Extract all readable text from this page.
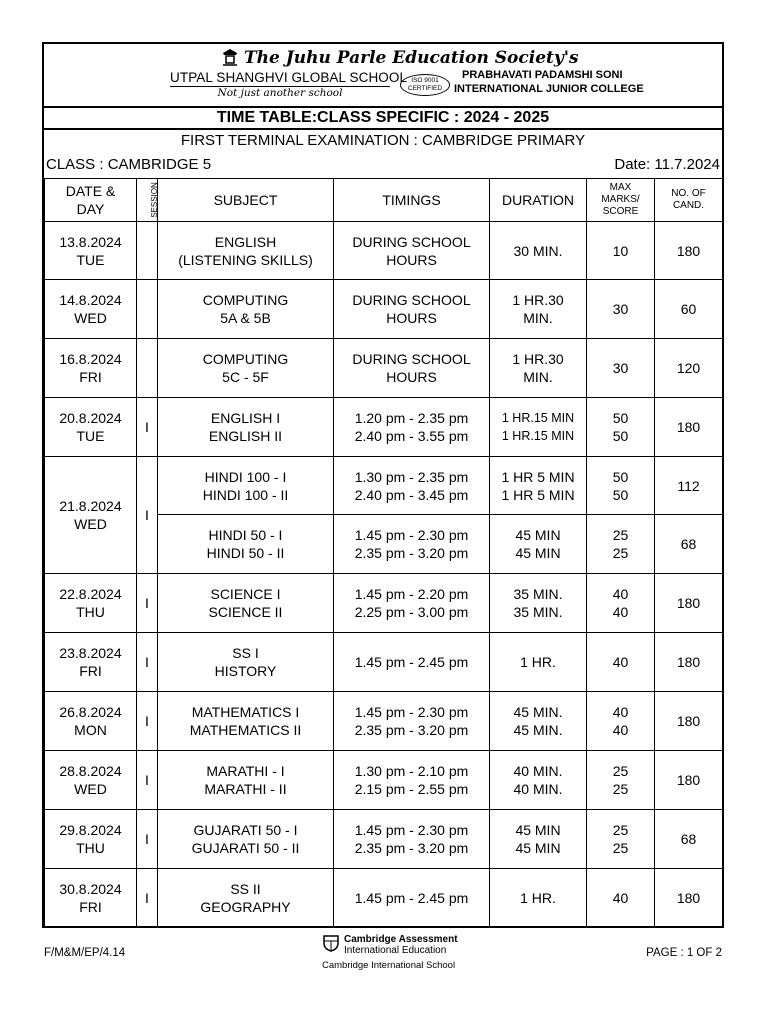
The Juhu Parle Education Society's
UTPAL SHANGHVI GLOBAL SCHOOL
Not just another school
ISO 9001
CERTIFIED
PRABHAVATI PADAMSHI SONI
INTERNATIONAL JUNIOR COLLEGE
TIME TABLE:CLASS SPECIFIC : 2024 - 2025
FIRST TERMINAL EXAMINATION : CAMBRIDGE PRIMARY
CLASS : CAMBRIDGE 5	Date: 11.7.2024
DATE &
DAY	SESSION	SUBJECT	TIMINGS	DURATION	MAX
MARKS/
SCORE	NO. OF
CAND.
13.8.2024
TUE		ENGLISH
(LISTENING SKILLS)	DURING SCHOOL
HOURS	30 MIN.	10	180
14.8.2024
WED		COMPUTING
5A & 5B	DURING SCHOOL
HOURS	1 HR.30
MIN.	30	60
16.8.2024
FRI		COMPUTING
5C - 5F	DURING SCHOOL
HOURS	1 HR.30
MIN.	30	120
20.8.2024
TUE	I	ENGLISH I
ENGLISH II	1.20 pm - 2.35 pm
2.40 pm - 3.55 pm	1 HR.15 MIN
1 HR.15 MIN	50
50	180
21.8.2024
WED	I	HINDI 100 - I
HINDI 100 - II	1.30 pm - 2.35 pm
2.40 pm - 3.45 pm	1 HR 5 MIN
1 HR 5 MIN	50
50	112
		HINDI 50 - I
HINDI 50 - II	1.45 pm - 2.30 pm
2.35 pm - 3.20 pm	45 MIN
45 MIN	25
25	68
22.8.2024
THU	I	SCIENCE I
SCIENCE II	1.45 pm - 2.20 pm
2.25 pm - 3.00 pm	35 MIN.
35 MIN.	40
40	180
23.8.2024
FRI	I	SS I
HISTORY	1.45 pm - 2.45 pm	1 HR.	40	180
26.8.2024
MON	I	MATHEMATICS I
MATHEMATICS II	1.45 pm - 2.30 pm
2.35 pm - 3.20 pm	45 MIN.
45 MIN.	40
40	180
28.8.2024
WED	I	MARATHI - I
MARATHI - II	1.30 pm - 2.10 pm
2.15 pm - 2.55 pm	40 MIN.
40 MIN.	25
25	180
29.8.2024
THU	I	GUJARATI 50 - I
GUJARATI 50 - II	1.45 pm - 2.30 pm
2.35 pm - 3.20 pm	45 MIN
45 MIN	25
25	68
30.8.2024
FRI	I	SS II
GEOGRAPHY	1.45 pm - 2.45 pm	1 HR.	40	180
F/M&M/EP/4.14
Cambridge Assessment
International Education
Cambridge International School
PAGE : 1 OF 2
